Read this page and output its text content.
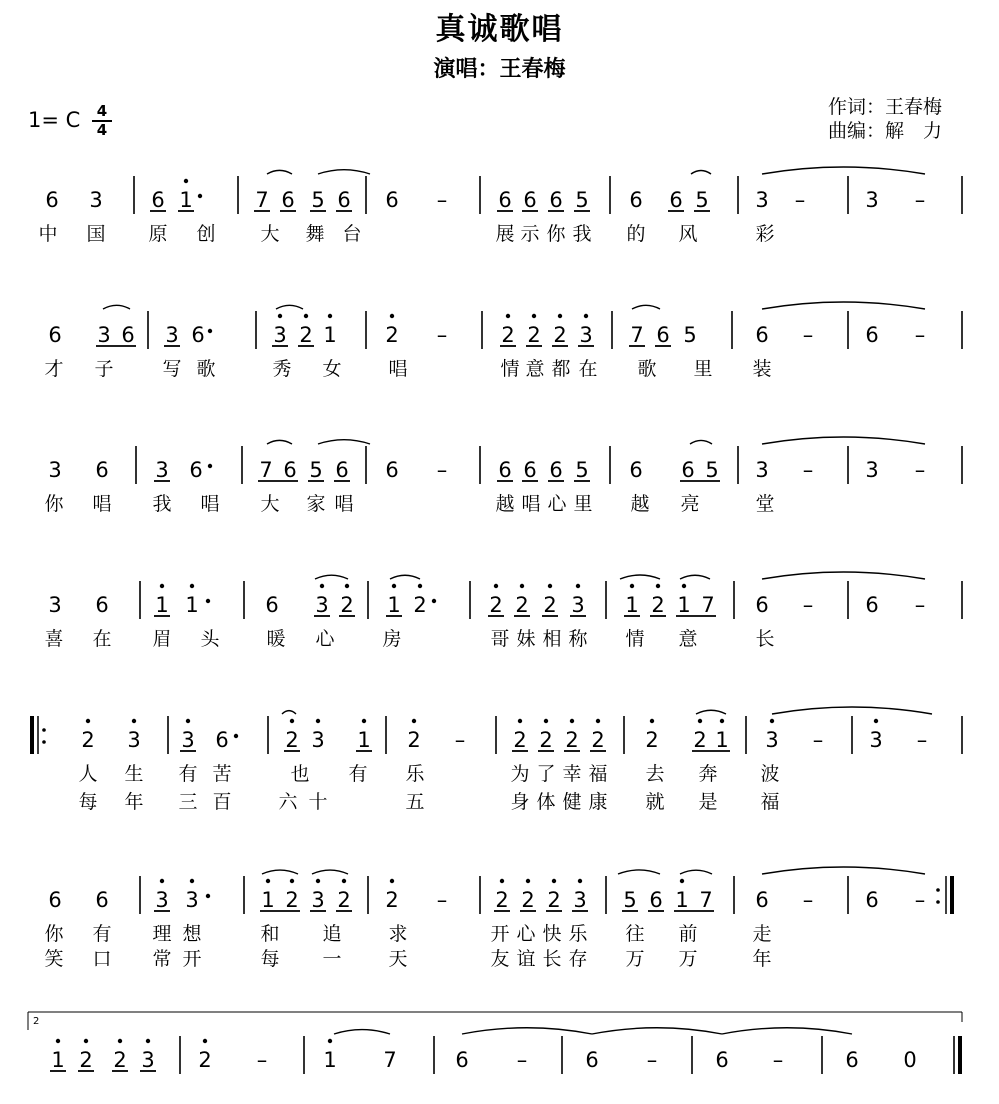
真诚歌唱
演唱：王春梅
1= C	4
4
作词：王春梅
曲编：解　力
6 3 6 1	7 6 5 6 6 – 6 6 6 5 6 6 5 3 –	3 –
中 国 原 创 大 舞 台	展 示 你 我 的 风	彩
6 3 6 3 6	3 2 1 2 –	2 2 2 3 7 6 5	6 – 6 –
才 子	写 歌	秀 女 唱	情 意 都 在 歌 里 装
3 6 3 6	7 6 5 6 6 – 6 6 6 5 6 6 5 3 – 3 –
你 唱 我 唱 大 家 唱	越 唱 心 里 越 亮	堂
3 6 1 1	6 3 2 1 2	2 2 2 3 1 2 1 7 6 – 6 –
喜 在 眉 头 暖 心	房	哥 妹 相 称 情 意	长
2 3 3 6	2 3 1 2 – 2 2 2 2 2 2 1 3 – 3 –
人 生 有 苦	也 有 乐	为 了 幸 福 去 奔 波
每 年 三 百 六 十	五	身 体 健 康 就 是 福
6 6 3 3	1 2 3 2 2 – 2 2 2 3 5 6 1 7 6 – 6 –
你 有 理 想	和 追 求	开 心 快 乐 往 前	走
笑 口 常 开	每 一 天	友 谊 长 存 万 万	年
1 2 2 3 2 –	1 7	6 –	6 –	6 –	6 0
2
